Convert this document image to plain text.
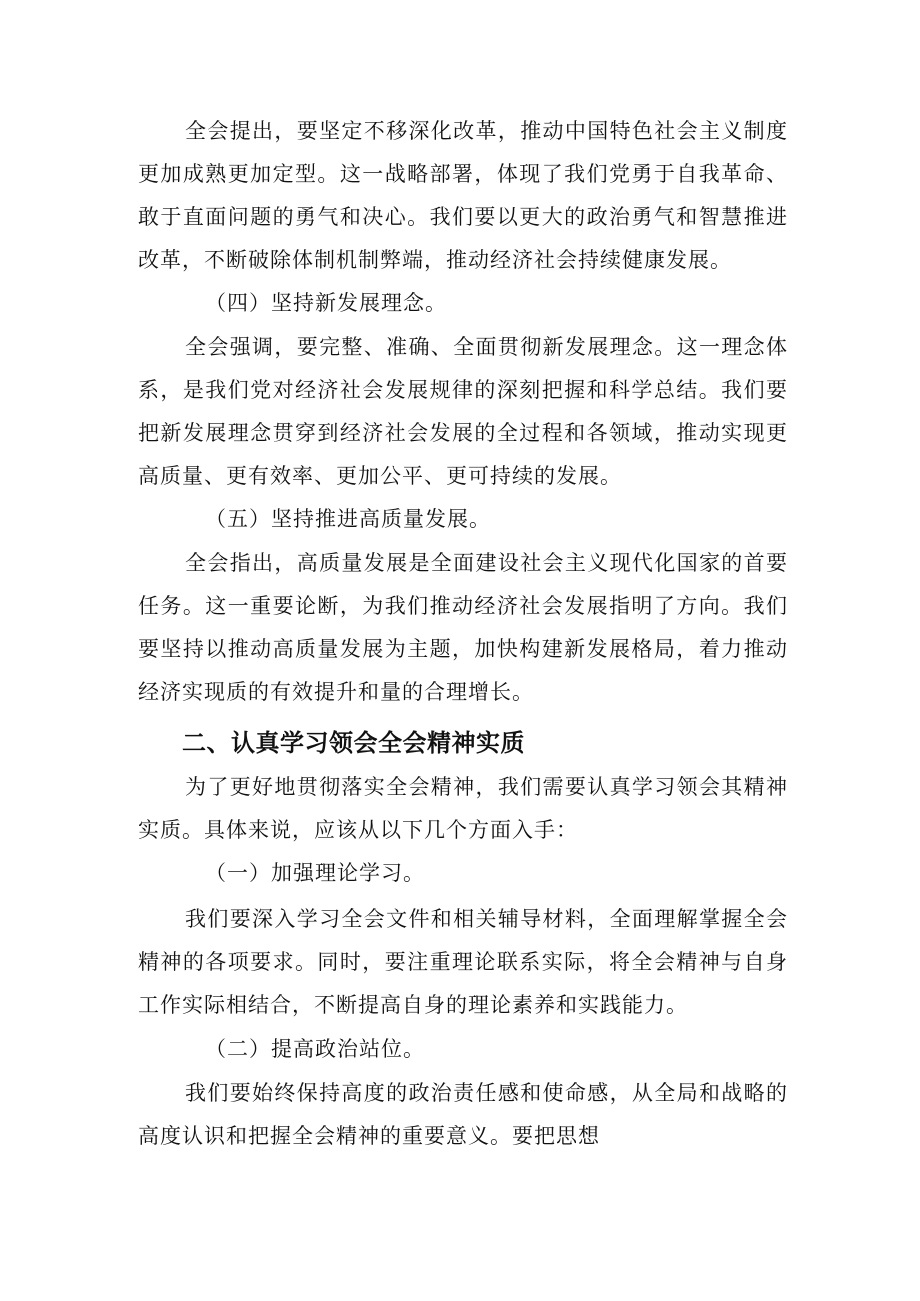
全会提出，要坚定不移深化改革，推动中国特色社会主义制度更加成熟更加定型。这一战略部署，体现了我们党勇于自我革命、敢于直面问题的勇气和决心。我们要以更大的政治勇气和智慧推进改革，不断破除体制机制弊端，推动经济社会持续健康发展。

（四）坚持新发展理念。

全会强调，要完整、准确、全面贯彻新发展理念。这一理念体系，是我们党对经济社会发展规律的深刻把握和科学总结。我们要把新发展理念贯穿到经济社会发展的全过程和各领域，推动实现更高质量、更有效率、更加公平、更可持续的发展。

（五）坚持推进高质量发展。

全会指出，高质量发展是全面建设社会主义现代化国家的首要任务。这一重要论断，为我们推动经济社会发展指明了方向。我们要坚持以推动高质量发展为主题，加快构建新发展格局，着力推动经济实现质的有效提升和量的合理增长。

二、认真学习领会全会精神实质

为了更好地贯彻落实全会精神，我们需要认真学习领会其精神实质。具体来说，应该从以下几个方面入手：

（一）加强理论学习。

我们要深入学习全会文件和相关辅导材料，全面理解掌握全会精神的各项要求。同时，要注重理论联系实际，将全会精神与自身工作实际相结合，不断提高自身的理论素养和实践能力。

（二）提高政治站位。

我们要始终保持高度的政治责任感和使命感，从全局和战略的高度认识和把握全会精神的重要意义。要把思想
